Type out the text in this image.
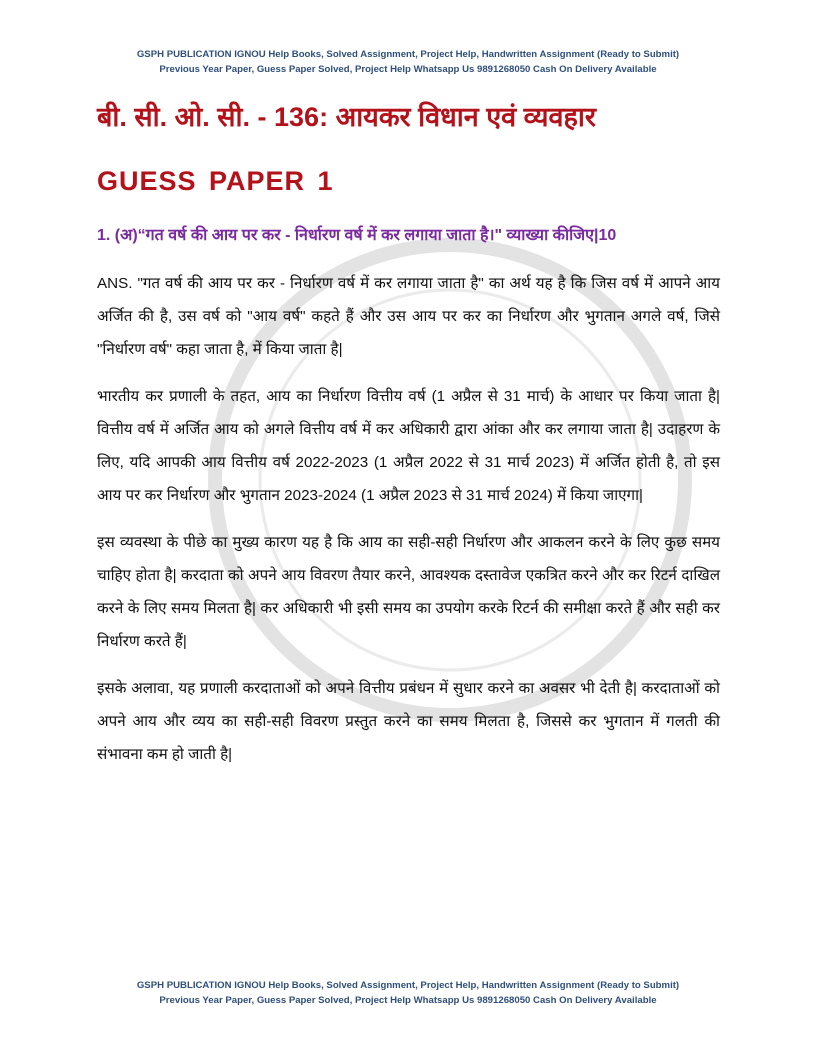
GSPH PUBLICATION IGNOU Help Books, Solved Assignment, Project Help, Handwritten Assignment (Ready to Submit)
Previous Year Paper, Guess Paper Solved, Project Help Whatsapp Us 9891268050 Cash On Delivery Available
बी. सी. ओ. सी. - 136: आयकर विधान एवं व्यवहार
GUESS PAPER 1
1. (अ)“गत वर्ष की आय पर कर - निर्धारण वर्ष में कर लगाया जाता है।" व्याख्या कीजिए|10

ANS. "गत वर्ष की आय पर कर - निर्धारण वर्ष में कर लगाया जाता है" का अर्थ यह है कि जिस वर्ष में आपने आय अर्जित की है, उस वर्ष को "आय वर्ष" कहते हैं और उस आय पर कर का निर्धारण और भुगतान अगले वर्ष, जिसे "निर्धारण वर्ष" कहा जाता है, में किया जाता है|

भारतीय कर प्रणाली के तहत, आय का निर्धारण वित्तीय वर्ष (1 अप्रैल से 31 मार्च) के आधार पर किया जाता है| वित्तीय वर्ष में अर्जित आय को अगले वित्तीय वर्ष में कर अधिकारी द्वारा आंका और कर लगाया जाता है| उदाहरण के लिए, यदि आपकी आय वित्तीय वर्ष 2022-2023 (1 अप्रैल 2022 से 31 मार्च 2023) में अर्जित होती है, तो इस आय पर कर निर्धारण और भुगतान 2023-2024 (1 अप्रैल 2023 से 31 मार्च 2024) में किया जाएगा|

इस व्यवस्था के पीछे का मुख्य कारण यह है कि आय का सही-सही निर्धारण और आकलन करने के लिए कुछ समय चाहिए होता है| करदाता को अपने आय विवरण तैयार करने, आवश्यक दस्तावेज एकत्रित करने और कर रिटर्न दाखिल करने के लिए समय मिलता है| कर अधिकारी भी इसी समय का उपयोग करके रिटर्न की समीक्षा करते हैं और सही कर निर्धारण करते हैं|

इसके अलावा, यह प्रणाली करदाताओं को अपने वित्तीय प्रबंधन में सुधार करने का अवसर भी देती है| करदाताओं को अपने आय और व्यय का सही-सही विवरण प्रस्तुत करने का समय मिलता है, जिससे कर भुगतान में गलती की संभावना कम हो जाती है|

GSPH PUBLICATION IGNOU Help Books, Solved Assignment, Project Help, Handwritten Assignment (Ready to Submit)
Previous Year Paper, Guess Paper Solved, Project Help Whatsapp Us 9891268050 Cash On Delivery Available
